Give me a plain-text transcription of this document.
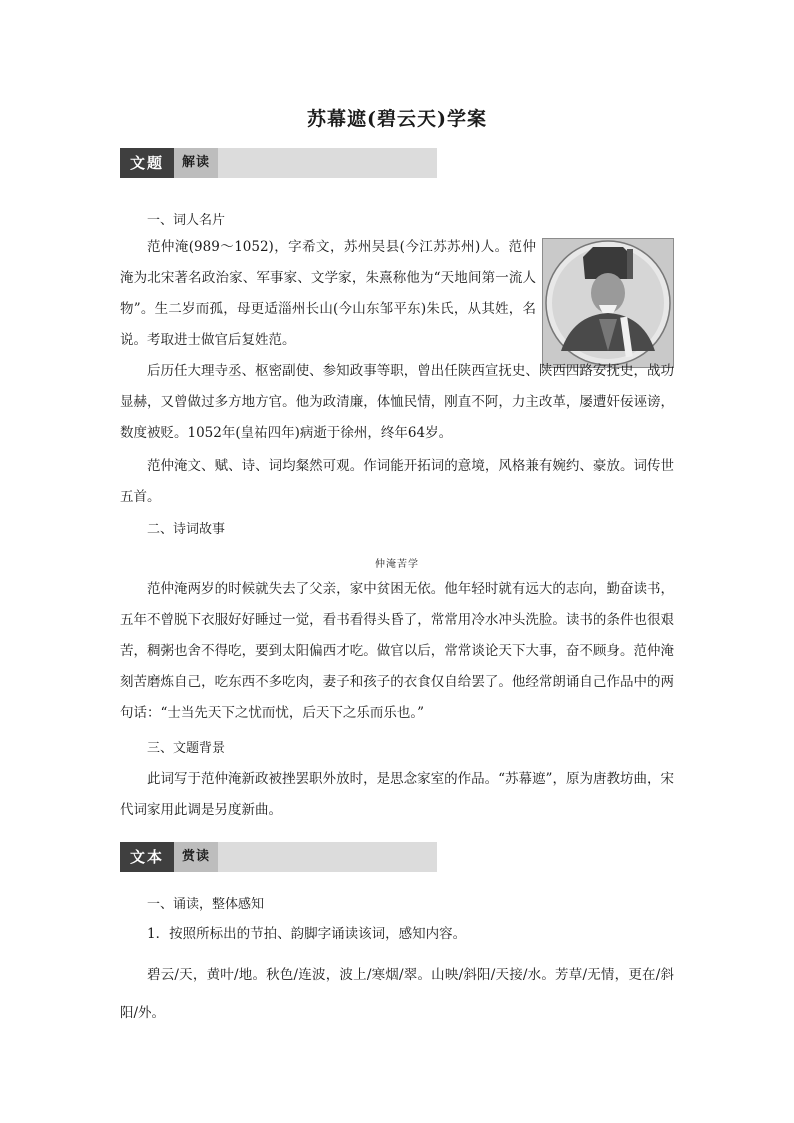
苏幕遮(碧云天)学案
文题	解读
一、词人名片
范仲淹(989～1052)，字希文，苏州吴县(今江苏苏州)人。范仲淹为北宋著名政治家、军事家、文学家，朱熹称他为“天地间第一流人物”。生二岁而孤，母更适淄州长山(今山东邹平东)朱氏，从其姓，名说。考取进士做官后复姓范。
后历任大理寺丞、枢密副使、参知政事等职，曾出任陕西宣抚史、陕西四路安抚史，战功显赫，又曾做过多方地方官。他为政清廉，体恤民情，刚直不阿，力主改革，屡遭奸佞诬谤，数度被贬。1052年(皇祐四年)病逝于徐州，终年64岁。
范仲淹文、赋、诗、词均粲然可观。作词能开拓词的意境，风格兼有婉约、豪放。词传世五首。
二、诗词故事
仲淹苦学
范仲淹两岁的时候就失去了父亲，家中贫困无依。他年轻时就有远大的志向，勤奋读书，五年不曾脱下衣服好好睡过一觉，看书看得头昏了，常常用冷水冲头洗脸。读书的条件也很艰苦，稠粥也舍不得吃，要到太阳偏西才吃。做官以后，常常谈论天下大事，奋不顾身。范仲淹刻苦磨炼自己，吃东西不多吃肉，妻子和孩子的衣食仅自给罢了。他经常朗诵自己作品中的两句话：“士当先天下之忧而忧，后天下之乐而乐也。”
三、文题背景
此词写于范仲淹新政被挫罢职外放时，是思念家室的作品。“苏幕遮”，原为唐教坊曲，宋代词家用此调是另度新曲。
文本	赏读
一、诵读，整体感知
1．按照所标出的节拍、韵脚字诵读该词，感知内容。
碧云/天，黄叶/地。秋色/连波，波上/寒烟/翠。山映/斜阳/天接/水。芳草/无情，更在/斜阳/外。
